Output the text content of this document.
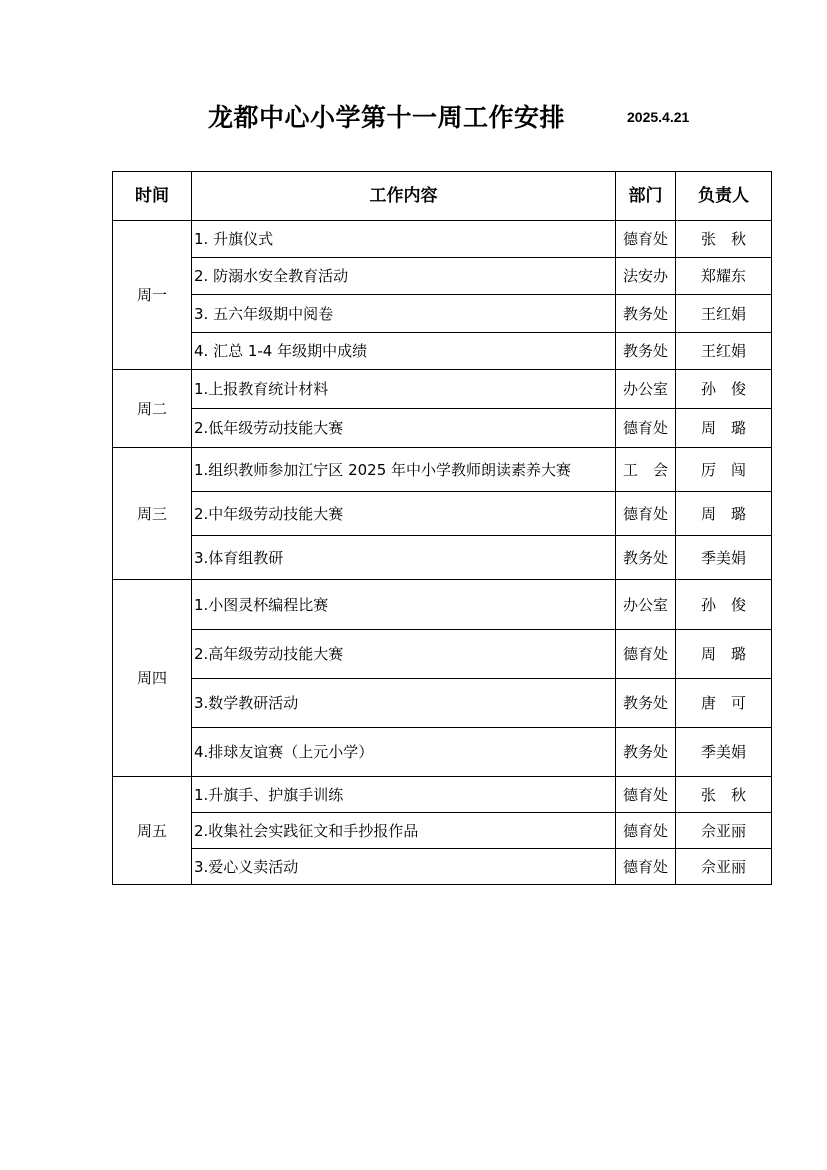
龙都中心小学第十一周工作安排	2025.4.21
时间	工作内容	部门	负责人
周一	1. 升旗仪式	德育处	张　秋
	2. 防溺水安全教育活动	法安办	郑耀东
	3. 五六年级期中阅卷	教务处	王红娟
	4. 汇总 1-4 年级期中成绩	教务处	王红娟
周二	1.上报教育统计材料	办公室	孙　俊
	2.低年级劳动技能大赛	德育处	周　璐
周三	1.组织教师参加江宁区 2025 年中小学教师朗读素养大赛	工　会	厉　闯
	2.中年级劳动技能大赛	德育处	周　璐
	3.体育组教研	教务处	季美娟
周四	1.小图灵杯编程比赛	办公室	孙　俊
	2.高年级劳动技能大赛	德育处	周　璐
	3.数学教研活动	教务处	唐　可
	4.排球友谊赛（上元小学）	教务处	季美娟
周五	1.升旗手、护旗手训练	德育处	张　秋
	2.收集社会实践征文和手抄报作品	德育处	佘亚丽
	3.爱心义卖活动	德育处	佘亚丽
